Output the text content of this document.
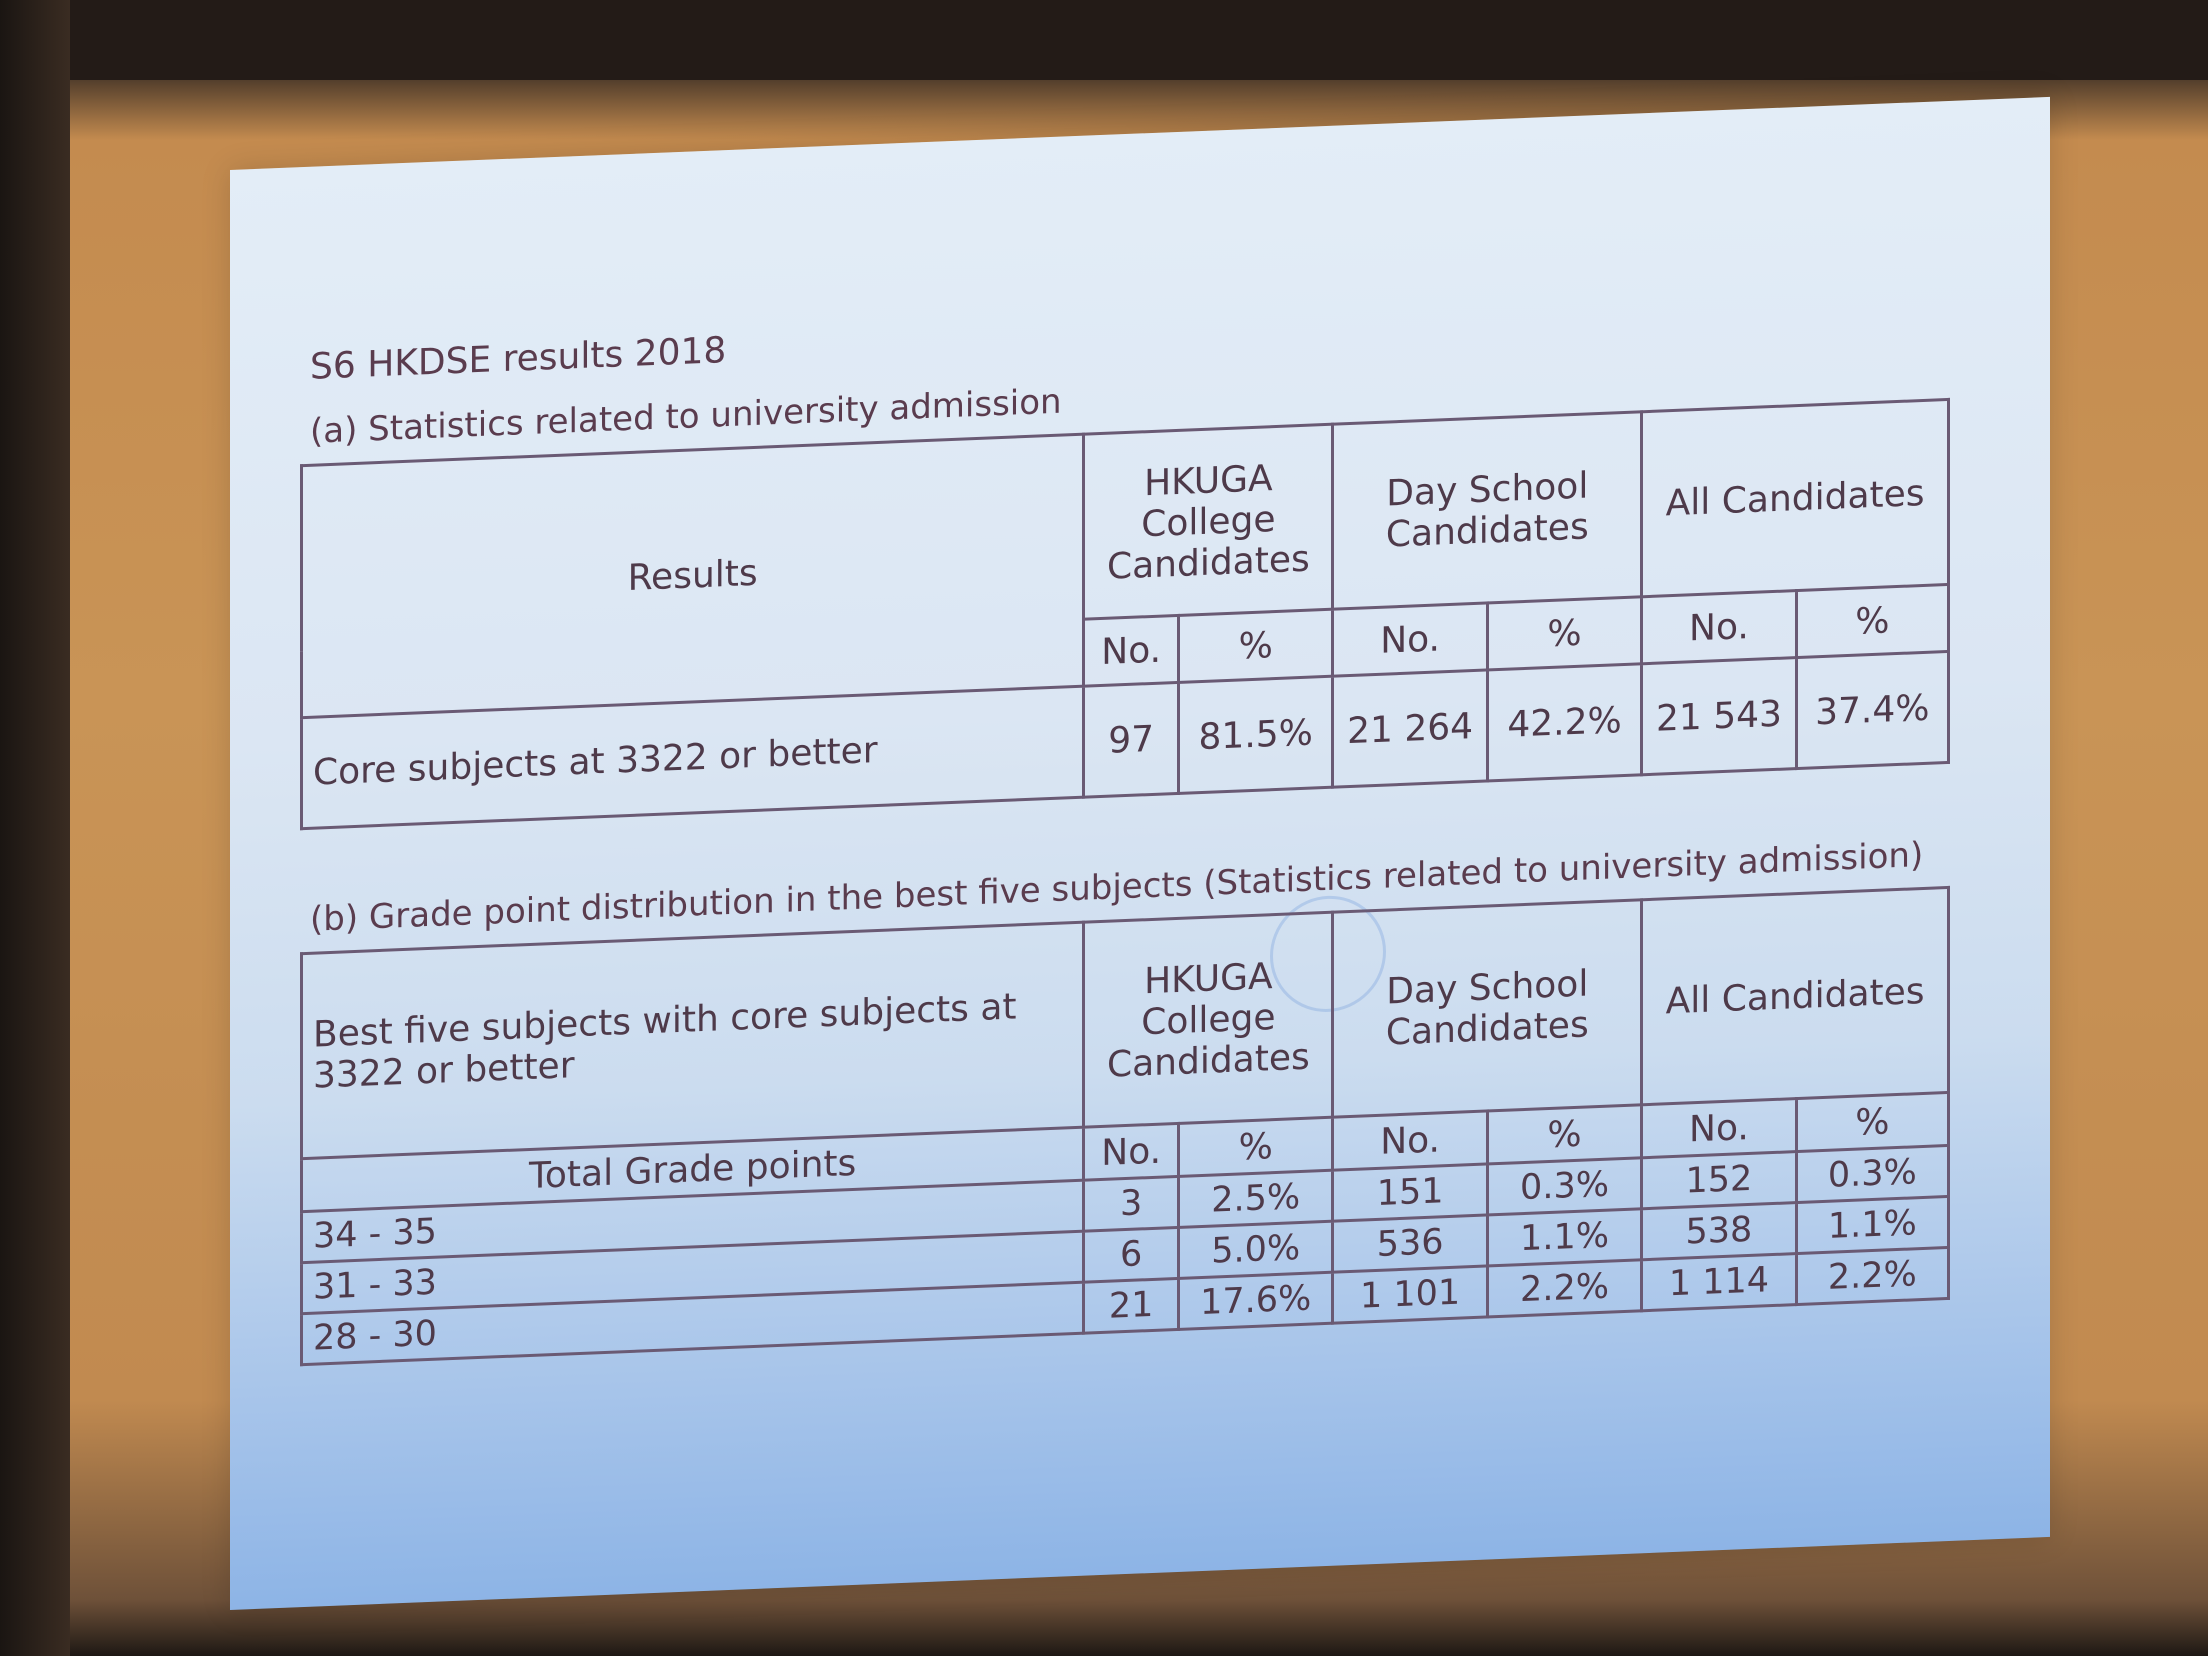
S6 HKDSE results 2018
(a) Statistics related to university admission
Results	HKUGA College Candidates		Day School Candidates		All Candidates	
	No.	%	No.	%	No.	%
Core subjects at 3322 or better	97	81.5%	21 264	42.2%	21 543	37.4%
(b) Grade point distribution in the best five subjects (Statistics related to university admission)
Best five subjects with core subjects at 3322 or better	HKUGA College Candidates		Day School Candidates		All Candidates	
Total Grade points	No.	%	No.	%	No.	%
34 - 35	3	2.5%	151	0.3%	152	0.3%
31 - 33	6	5.0%	536	1.1%	538	1.1%
28 - 30	21	17.6%	1 101	2.2%	1 114	2.2%
